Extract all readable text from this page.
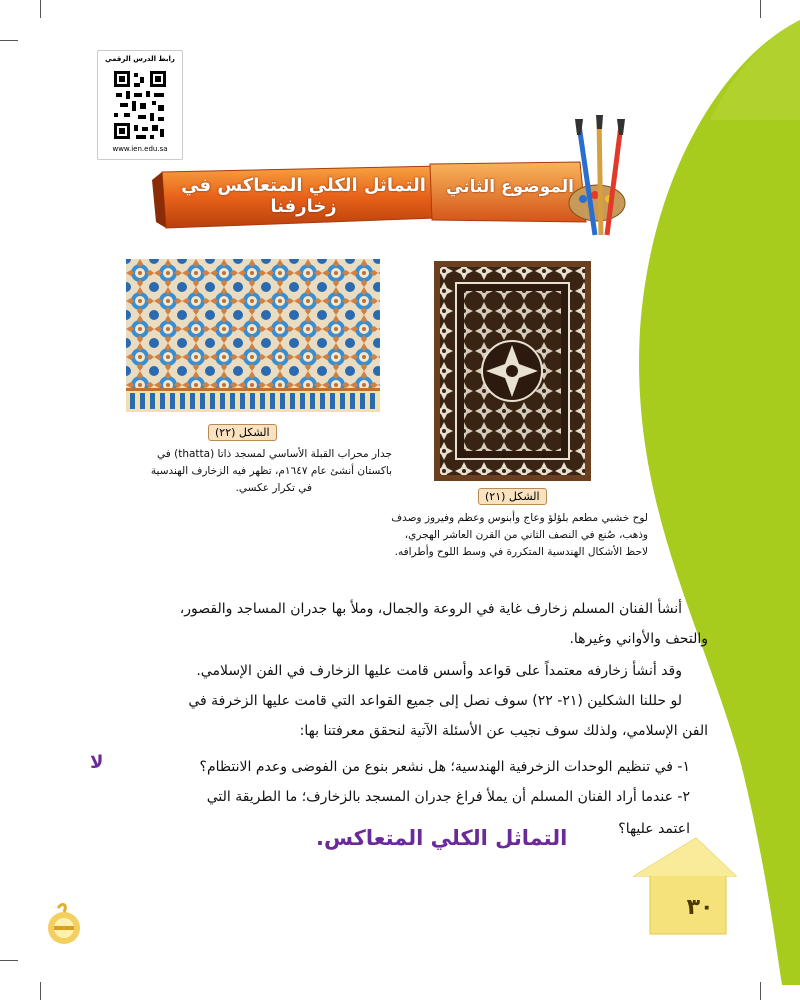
رابط الدرس الرقمي
www.ien.edu.sa
التماثل الكلي المتعاكس في زخارفنا
الموضوع الثاني
الشكل (٢٢)
جدار محراب القبلة الأساسي لمسجد ذاتا (thatta) في
باكستان أنشئ عام ١٦٤٧م، تظهر فيه الزخارف الهندسية
في تكرار عكسي.
الشكل (٢١)
لوح خشبي مطعم بلؤلؤ وعاج وأبنوس وعظم وفيروز وصدف
وذهب، صُنع في النصف الثاني من القرن العاشر الهجري،
لاحظ الأشكال الهندسية المتكررة في وسط اللوح وأطرافه.
أنشأ الفنان المسلم زخارف غاية في الروعة والجمال، وملأ بها جدران المساجد والقصور،
والتحف والأواني وغيرها.
وقد أنشأ زخارفه معتمداً على قواعد وأسس قامت عليها الزخارف في الفن الإسلامي.
لو حللنا الشكلين (٢١- ٢٢) سوف نصل إلى جميع القواعد التي قامت عليها الزخرفة في
الفن الإسلامي، ولذلك سوف نجيب عن الأسئلة الآتية لنحقق معرفتنا بها:
١- في تنظيم الوحدات الزخرفية الهندسية؛ هل نشعر بنوع من الفوضى وعدم الانتظام؟
لا
٢- عندما أراد الفنان المسلم أن يملأ فراغ جدران المسجد بالزخارف؛ ما الطريقة التي
اعتمد عليها؟
التماثل الكلي المتعاكس.
٣٠
